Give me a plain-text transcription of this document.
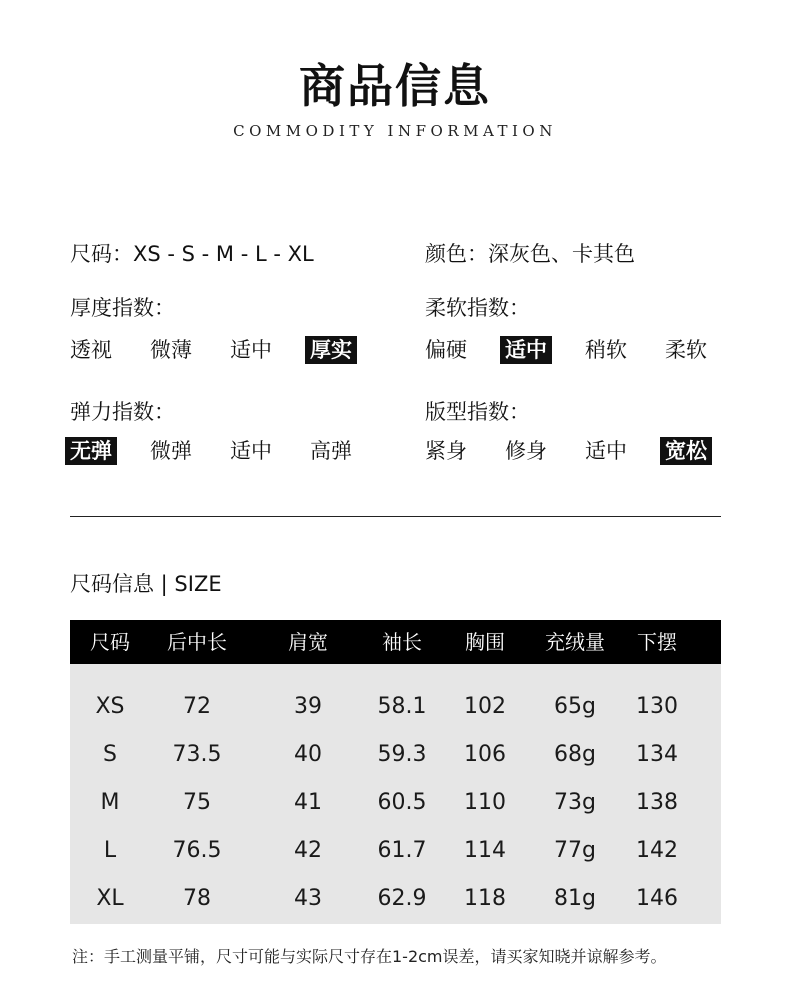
商品信息
COMMODITY INFORMATION
尺码：XS - S - M - L - XL	颜色：深灰色、卡其色
厚度指数：
透视	微薄	适中	厚实
柔软指数：
偏硬	适中	稍软	柔软
弹力指数：
无弹	微弹	适中	高弹
版型指数：
紧身	修身	适中	宽松
尺码信息 | SIZE
尺码	后中长	肩宽	袖长	胸围	充绒量	下摆
XS	72	39	58.1	102	65g	130
S	73.5	40	59.3	106	68g	134
M	75	41	60.5	110	73g	138
L	76.5	42	61.7	114	77g	142
XL	78	43	62.9	118	81g	146
注：手工测量平铺，尺寸可能与实际尺寸存在1-2cm误差，请买家知晓并谅解参考。
